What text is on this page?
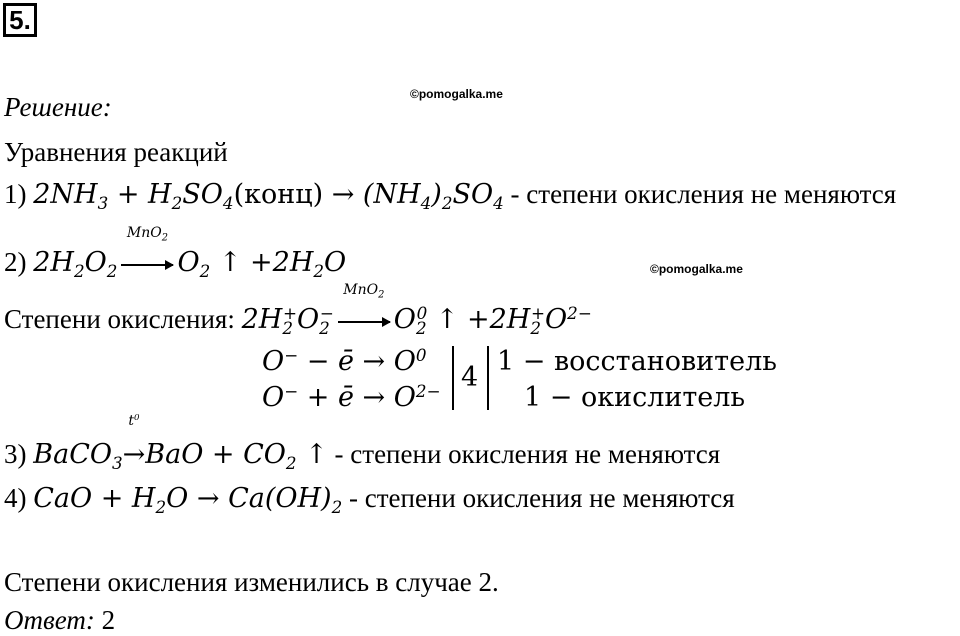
5.
©pomogalka.me
©pomogalka.me
Решение:
Уравнения реакций
1) $2NH_3$ + $H_2SO_4(конц) \to (NH_4)_2SO_4$ - степени окисления не меняются
2) $2H_2O_2$
MnO$_2$
$O_2$ ↑ $+2H_2O$
Степени окисления: $2H_2^+O_2^-$
MnO$_2$
$O_2^0$ ↑ $+2H_2^+O^{2-}$
O− − ē → $O^0$
O− + ē → $O^{2-}$ 4
1 − восстановитель
1 − окислитель
3) BaCO$_3$
$t^0$
$\to BaO + CO_2$ ↑ - степени окисления не меняются
4) CaO + $H_2O \to Ca(OH)_2$ - степени окисления не меняются
Степени окисления изменились в случае 2.
Ответ: 2
